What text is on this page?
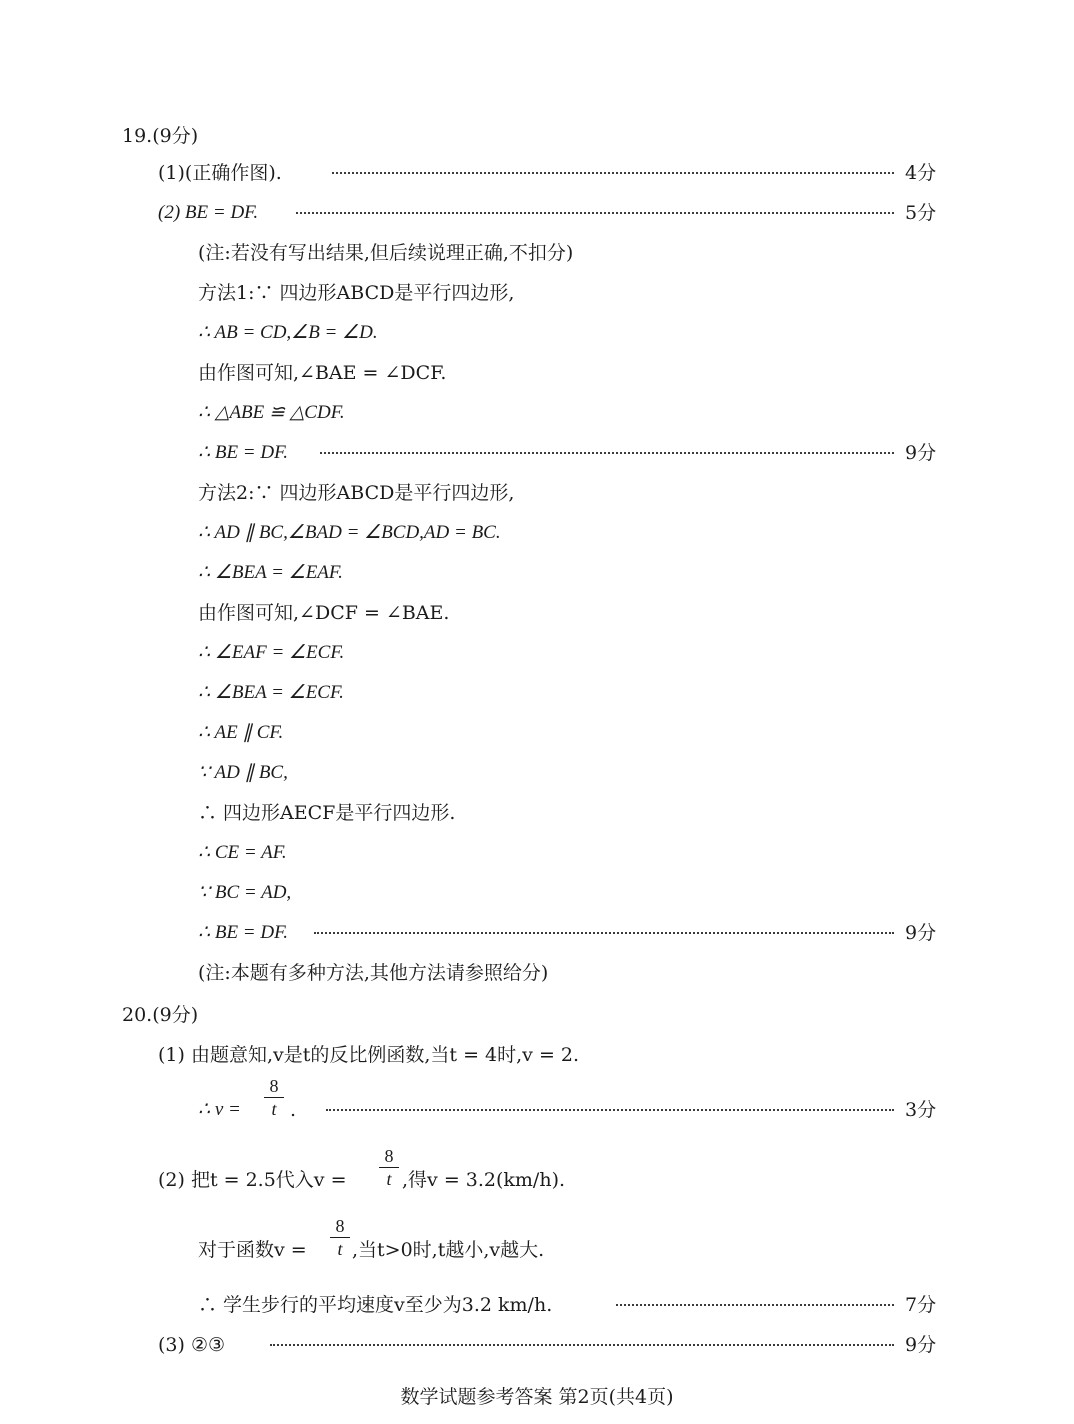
19.(9分)
(1)(正确作图).	4分
(2) BE = DF.	5分
(注:若没有写出结果,但后续说理正确,不扣分)
方法1:∵ 四边形ABCD是平行四边形,
∴ AB = CD,∠B = ∠D.
由作图可知,∠BAE = ∠DCF.
∴ △ABE ≌ △CDF.
∴ BE = DF.	9分
方法2:∵ 四边形ABCD是平行四边形,
∴ AD ∥ BC,∠BAD = ∠BCD,AD = BC.
∴ ∠BEA = ∠EAF.
由作图可知,∠DCF = ∠BAE.
∴ ∠EAF = ∠ECF.
∴ ∠BEA = ∠ECF.
∴ AE ∥ CF.
∵ AD ∥ BC,
∴ 四边形AECF是平行四边形.
∴ CE = AF.
∵ BC = AD,
∴ BE = DF.	9分
(注:本题有多种方法,其他方法请参照给分)
20.(9分)
(1) 由题意知,v是t的反比例函数,当t = 4时,v = 2.
∴ v =
8
t .	3分
(2) 把t = 2.5代入v =
8
t ,得v = 3.2(km/h).
对于函数v =
8
t ,当t>0时,t越小,v越大.
∴ 学生步行的平均速度v至少为3.2 km/h.	7分
(3) ②③	9分
数学试题参考答案 第2页(共4页)
